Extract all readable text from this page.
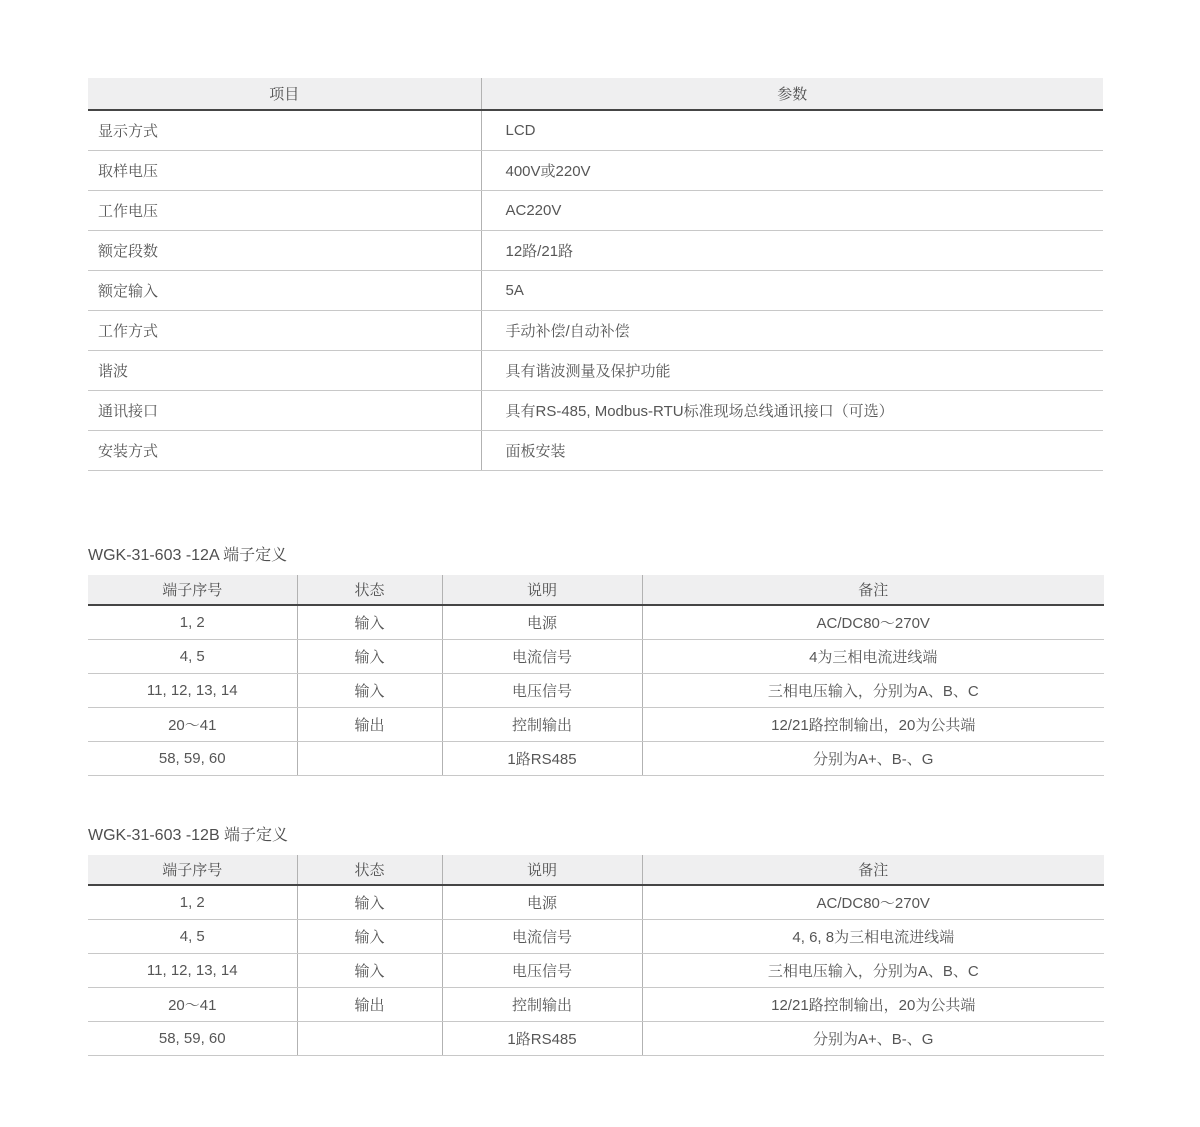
项目	参数
显示方式	LCD
取样电压	400V或220V
工作电压	AC220V
额定段数	12路/21路
额定输入	5A
工作方式	手动补偿/自动补偿
谐波	具有谐波测量及保护功能
通讯接口	具有RS-485, Modbus-RTU标准现场总线通讯接口（可选）
安装方式	面板安装
WGK-31-603 -12A 端子定义
端子序号	状态	说明	备注
1, 2	输入	电源	AC/DC80～270V
4, 5	输入	电流信号	4为三相电流进线端
11, 12, 13, 14	输入	电压信号	三相电压输入，分别为A、B、C
20～41	输出	控制输出	12/21路控制输出，20为公共端
58, 59, 60		1路RS485	分别为A+、B-、G
WGK-31-603 -12B 端子定义
端子序号	状态	说明	备注
1, 2	输入	电源	AC/DC80～270V
4, 5	输入	电流信号	4, 6, 8为三相电流进线端
11, 12, 13, 14	输入	电压信号	三相电压输入，分别为A、B、C
20～41	输出	控制输出	12/21路控制输出，20为公共端
58, 59, 60		1路RS485	分别为A+、B-、G
